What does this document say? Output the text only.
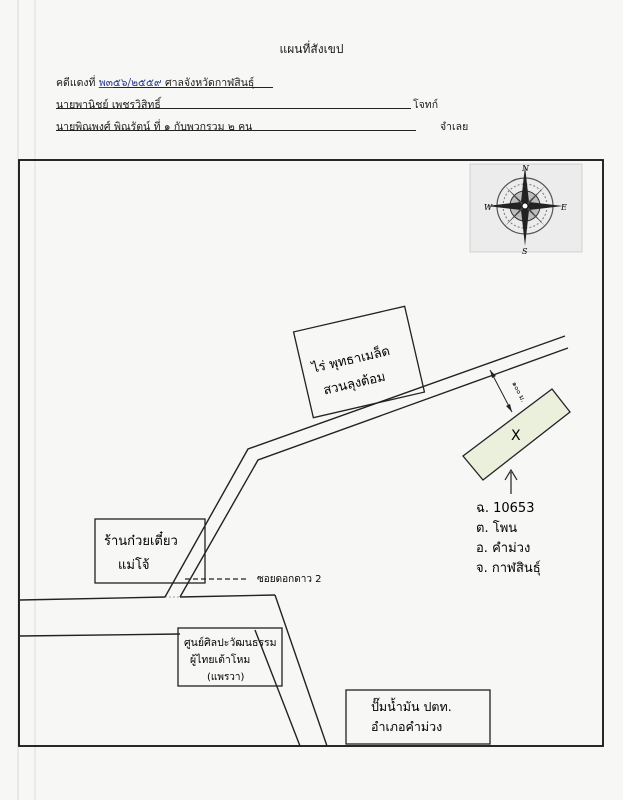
แผนที่สังเขป
คดีแดงที่ พ๓๕๖/๒๕๕๙ ศาลจังหวัดกาฬสินธุ์
นายพานิชย์ เพชรวิสิทธิ์	โจทก์
นายพิณพงศ์ พิณรัตน์ ที่ ๑ กับพวกรวม ๒ คน	จำเลย
N
S
W	E
ซอยดอกดาว 2
ไร่ พุทธาเมล็ด
สวนลุงต้อม
X
๑๐๐ ม.
ฉ. 10653
ต. โพน
อ. คำม่วง
จ. กาฬสินธุ์
ร้านก๋วยเตี๋ยว
แม่โจ้
ศูนย์ศิลปะวัฒนธรรม
ผู้ไทยเต้าโหม
(แพรวา)
ปั๊มน้ำมัน ปตท.
อำเภอคำม่วง
